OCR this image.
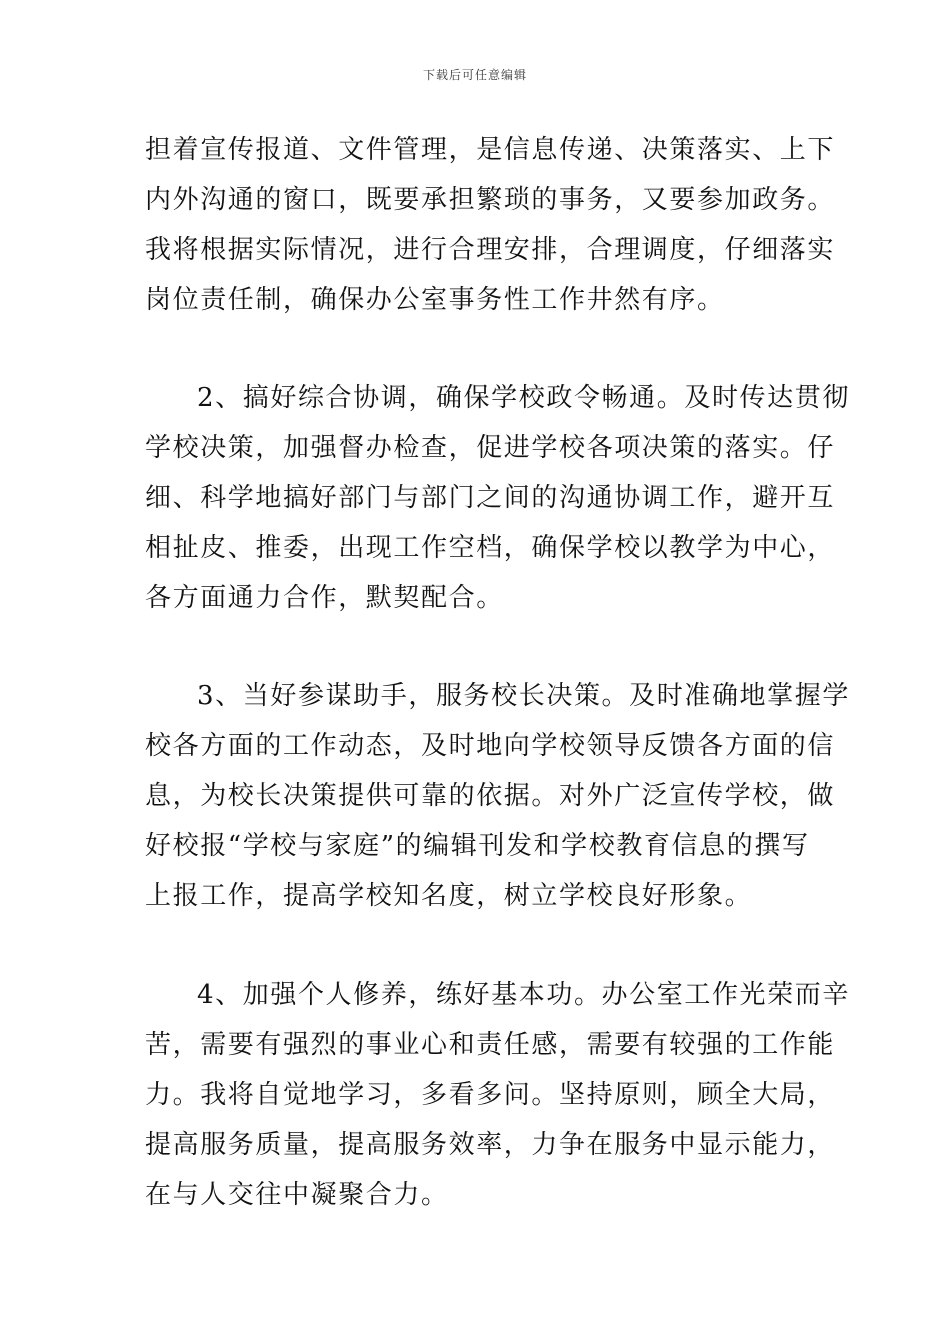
下载后可任意编辑
担着宣传报道、文件管理，是信息传递、决策落实、上下
内外沟通的窗口，既要承担繁琐的事务，又要参加政务。
我将根据实际情况，进行合理安排，合理调度，仔细落实
岗位责任制，确保办公室事务性工作井然有序。
2、搞好综合协调，确保学校政令畅通。及时传达贯彻
学校决策，加强督办检查，促进学校各项决策的落实。仔
细、科学地搞好部门与部门之间的沟通协调工作，避开互
相扯皮、推委，出现工作空档，确保学校以教学为中心，
各方面通力合作，默契配合。
3、当好参谋助手，服务校长决策。及时准确地掌握学
校各方面的工作动态，及时地向学校领导反馈各方面的信
息，为校长决策提供可靠的依据。对外广泛宣传学校，做
好校报“学校与家庭”的编辑刊发和学校教育信息的撰写
上报工作，提高学校知名度，树立学校良好形象。
4、加强个人修养，练好基本功。办公室工作光荣而辛
苦，需要有强烈的事业心和责任感，需要有较强的工作能
力。我将自觉地学习，多看多问。坚持原则，顾全大局，
提高服务质量，提高服务效率，力争在服务中显示能力，
在与人交往中凝聚合力。
